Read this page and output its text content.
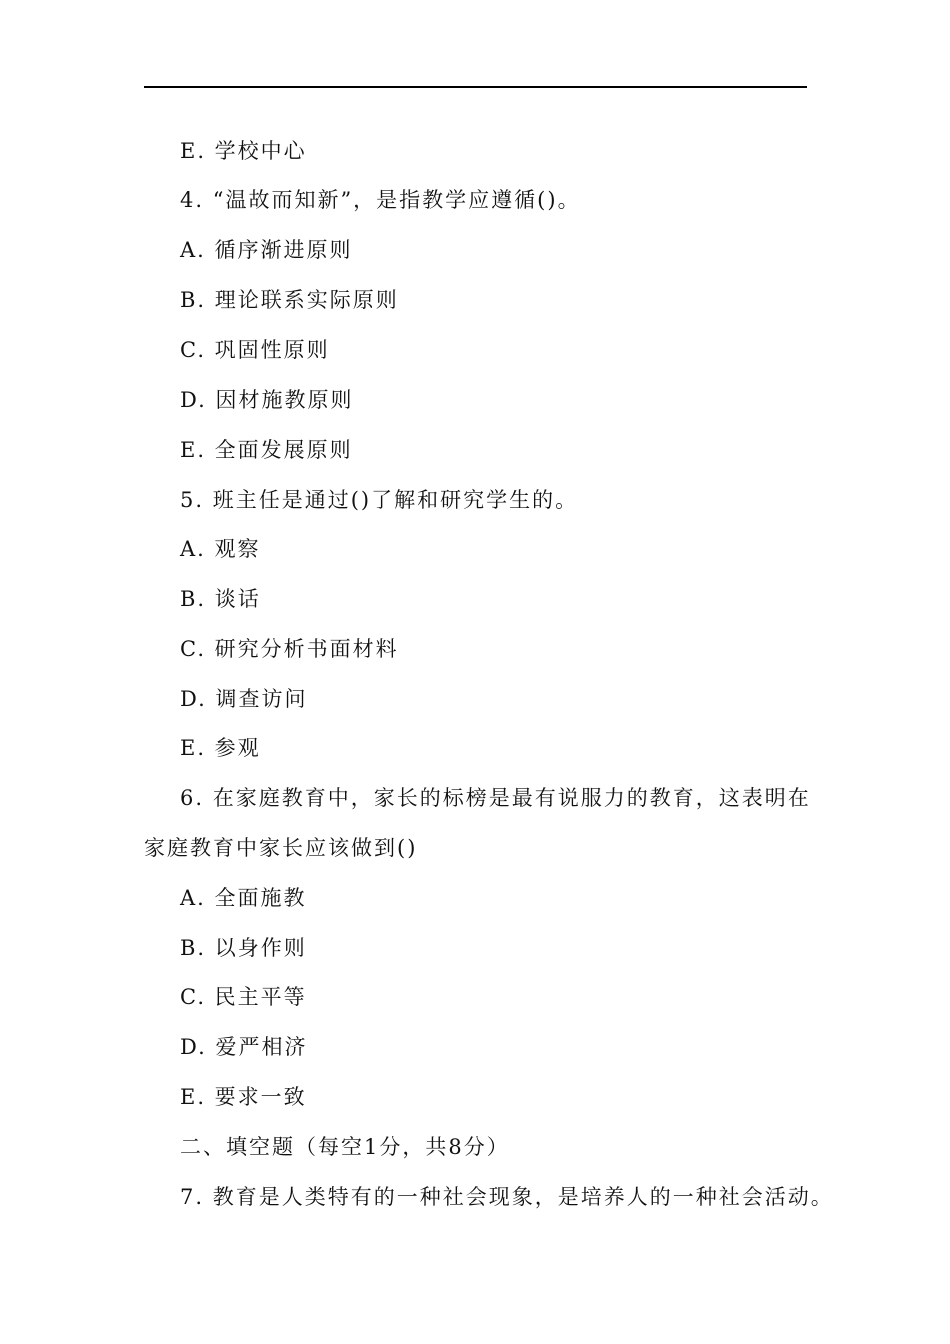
E. 学校中心
4. “温故而知新”，是指教学应遵循()。
A. 循序渐进原则
B. 理论联系实际原则
C. 巩固性原则
D. 因材施教原则
E. 全面发展原则
5. 班主任是通过()了解和研究学生的。
A. 观察
B. 谈话
C. 研究分析书面材料
D. 调查访问
E. 参观
6. 在家庭教育中，家长的标榜是最有说服力的教育，这表明在
家庭教育中家长应该做到()
A. 全面施教
B. 以身作则
C. 民主平等
D. 爱严相济
E. 要求一致
二、填空题（每空1分，共8分）
7. 教育是人类特有的一种社会现象，是培养人的一种社会活动。
